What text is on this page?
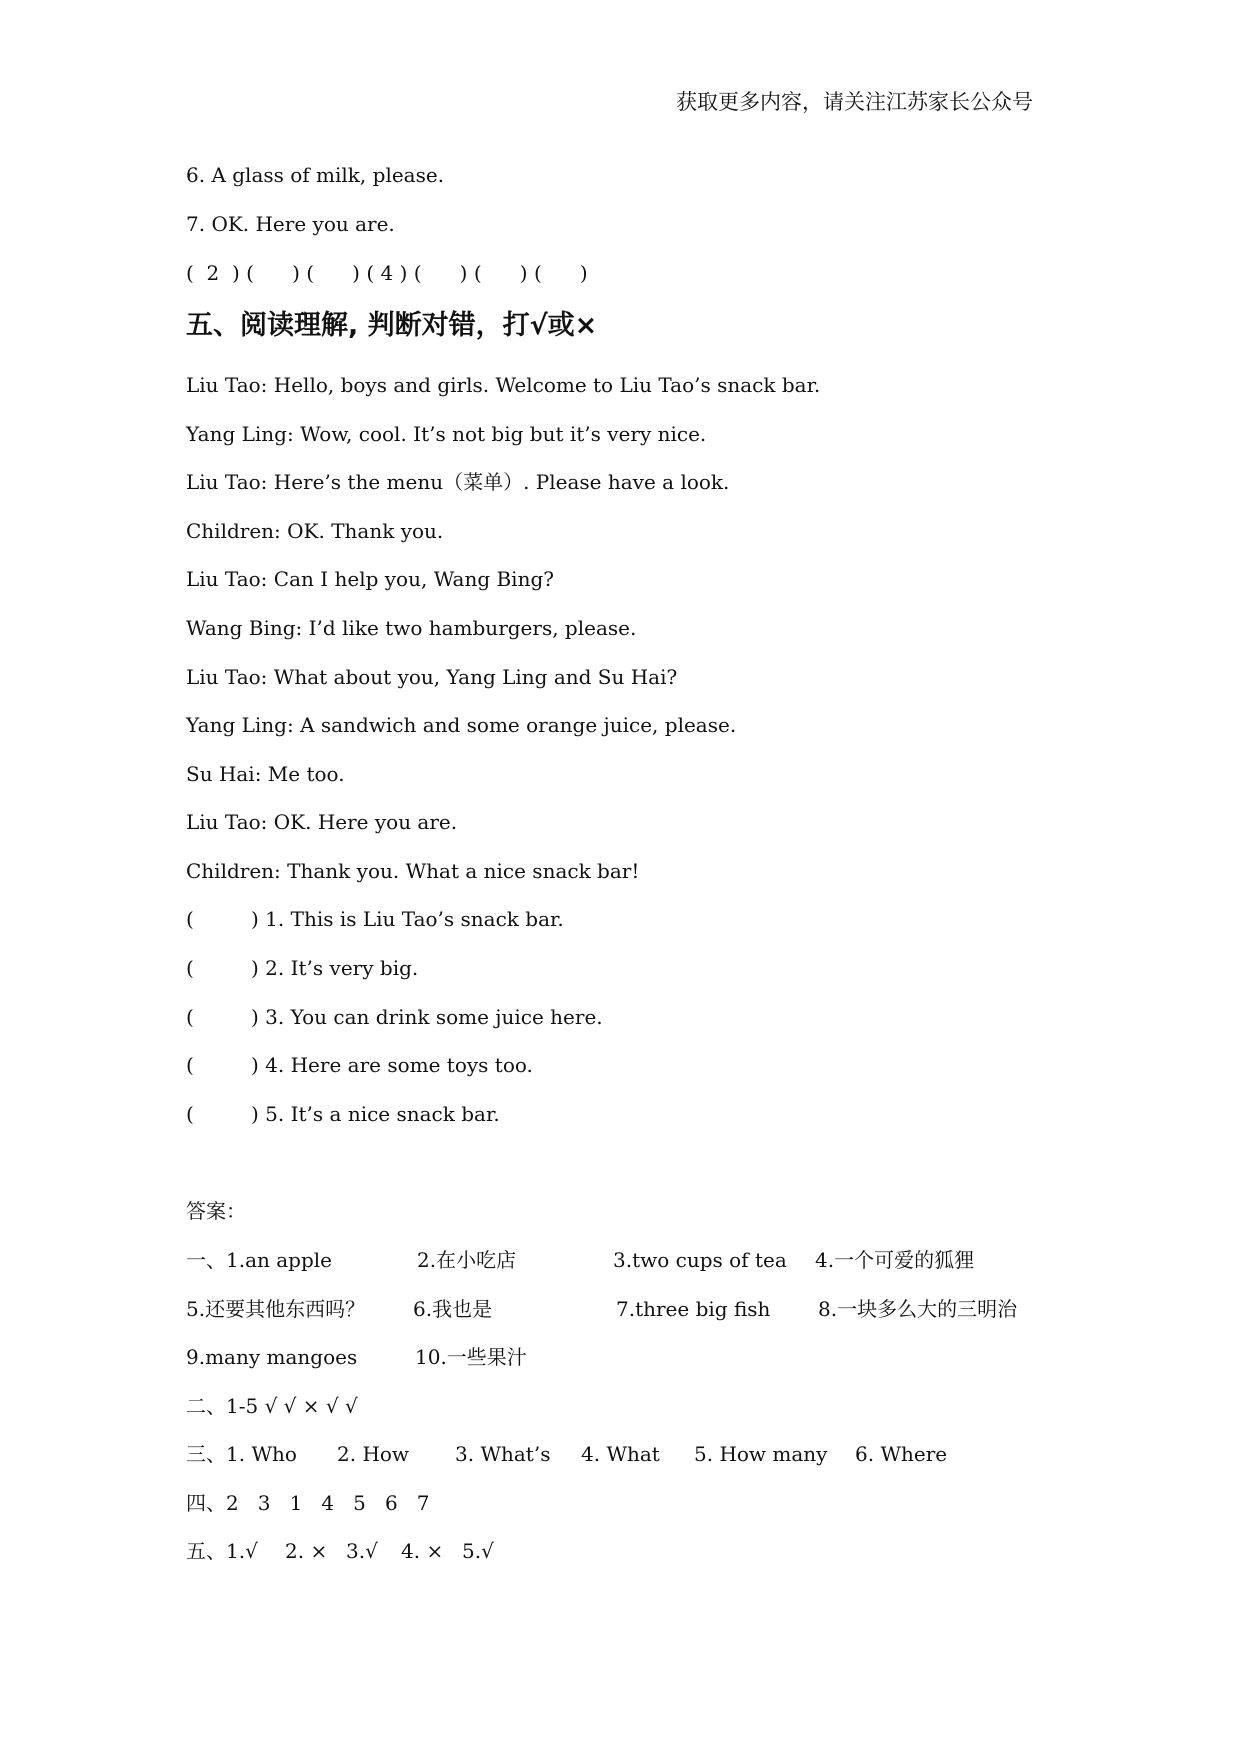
获取更多内容，请关注江苏家长公众号
6. A glass of milk, please.
7. OK. Here you are.
(  2  ) (      ) (      ) ( 4 ) (      ) (      ) (      )
五、阅读理解, 判断对错，打√或×
Liu Tao: Hello, boys and girls. Welcome to Liu Tao’s snack bar.
Yang Ling: Wow, cool. It’s not big but it’s very nice.
Liu Tao: Here’s the menu（菜单）. Please have a look.
Children: OK. Thank you.
Liu Tao: Can I help you, Wang Bing?
Wang Bing: I’d like two hamburgers, please.
Liu Tao: What about you, Yang Ling and Su Hai?
Yang Ling: A sandwich and some orange juice, please.
Su Hai: Me too.
Liu Tao: OK. Here you are.
Children: Thank you. What a nice snack bar!
(         ) 1. This is Liu Tao’s snack bar.
(         ) 2. It’s very big.
(         ) 3. You can drink some juice here.
(         ) 4. Here are some toys too.
(         ) 5. It’s a nice snack bar.
答案：
一、1.an apple	2.在小吃店	3.two cups of tea 4.一个可爱的狐狸
5.还要其他东西吗？ 6.我也是	7.three big fish 8.一块多么大的三明治
9.many mangoes	10.一些果汁
二、1-5 √ √ × √ √
三、1. Who 2. How 3. What’s 4. What 5. How many 6. Where
四、2   3   1   4   5   6   7
五、1.√ 2. × 3.√ 4. × 5.√
